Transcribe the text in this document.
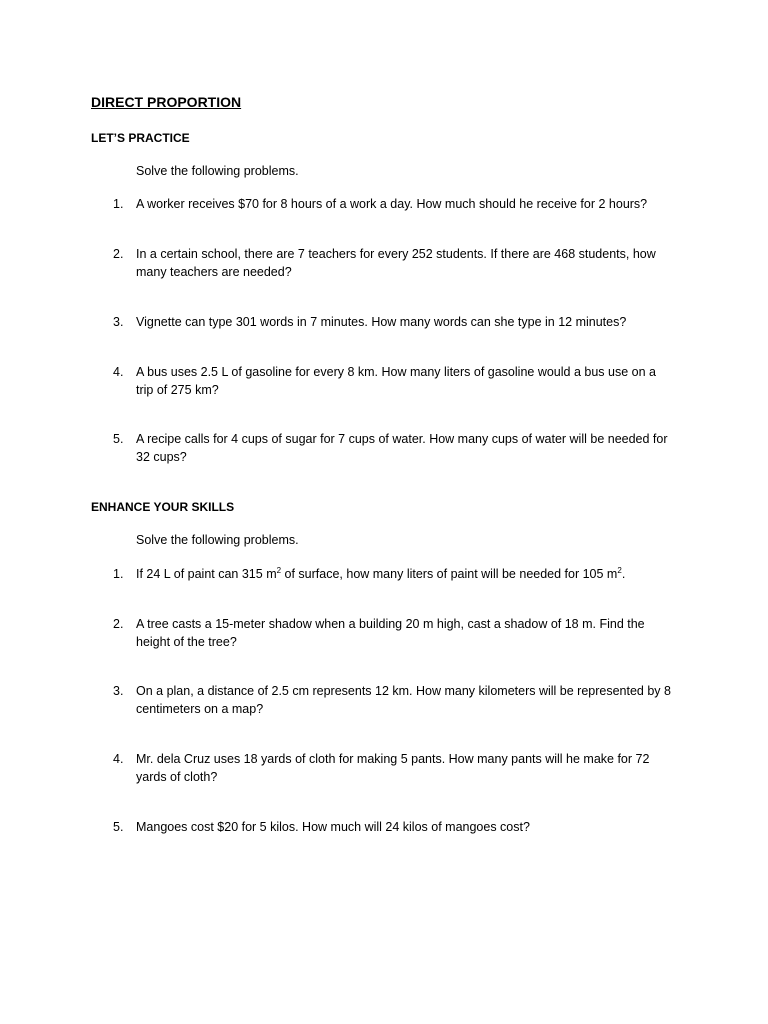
DIRECT PROPORTION
LET’S PRACTICE

Solve the following problems.

1.	A worker receives $70 for 8 hours of a work a day. How much should he receive for 2 hours?
2.	In a certain school, there are 7 teachers for every 252 students. If there are 468 students, how many teachers are needed?
3.	Vignette can type 301 words in 7 minutes. How many words can she type in 12 minutes?
4.	A bus uses 2.5 L of gasoline for every 8 km. How many liters of gasoline would a bus use on a trip of 275 km?
5.	A recipe calls for 4 cups of sugar for 7 cups of water. How many cups of water will be needed for 32 cups?
ENHANCE YOUR SKILLS

Solve the following problems.

1.	If 24 L of paint can 315 $m^2$ of surface, how many liters of paint will be needed for 105 $m^2$.
2.	A tree casts a 15-meter shadow when a building 20 m high, cast a shadow of 18 m. Find the height of the tree?
3.	On a plan, a distance of 2.5 cm represents 12 km. How many kilometers will be represented by 8 centimeters on a map?
4.	Mr. dela Cruz uses 18 yards of cloth for making 5 pants. How many pants will he make for 72 yards of cloth?
5.	Mangoes cost $20 for 5 kilos. How much will 24 kilos of mangoes cost?
